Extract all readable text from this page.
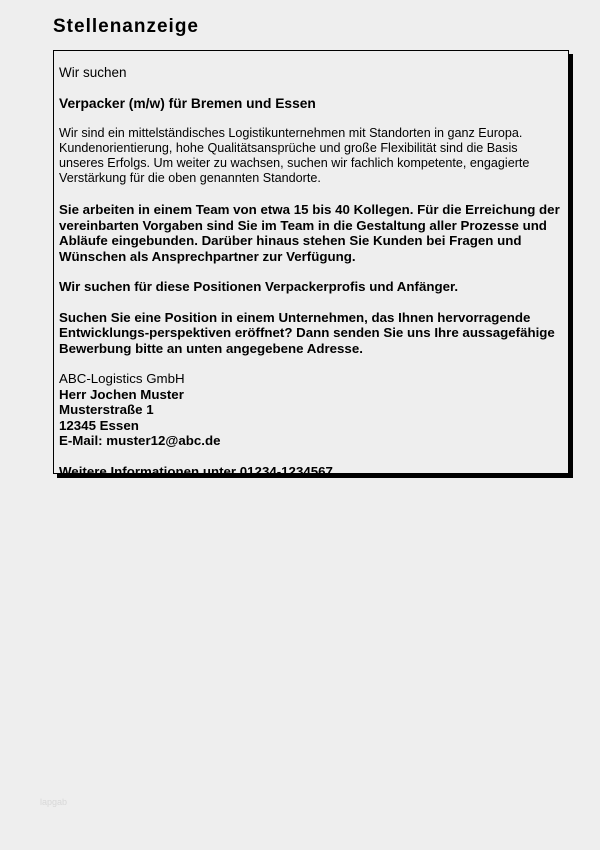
Stellenanzeige

Wir suchen

Verpacker (m/w) für Bremen und Essen

Wir sind ein mittelständisches Logistikunternehmen mit Standorten in ganz Europa. Kundenorientierung, hohe Qualitätsansprüche und große Flexibilität sind die Basis unseres Erfolgs. Um weiter zu wachsen, suchen wir fachlich kompetente, engagierte Verstärkung für die oben genannten Standorte.

Sie arbeiten in einem Team von etwa 15 bis 40 Kollegen. Für die Erreichung der vereinbarten Vorgaben sind Sie im Team in die Gestaltung aller Prozesse und Abläufe eingebunden. Darüber hinaus stehen Sie Kunden bei Fragen und Wünschen als Ansprechpartner zur Verfügung.

Wir suchen für diese Positionen Verpackerprofis und Anfänger.

Suchen Sie eine Position in einem Unternehmen, das Ihnen hervorragende Entwicklungs-perspektiven eröffnet? Dann senden Sie uns Ihre aussagefähige Bewerbung bitte an unten angegebene Adresse.

ABC-Logistics GmbH
Herr Jochen Muster
Musterstraße 1
12345 Essen
E-Mail: muster12@abc.de

Weitere Informationen unter 01234-1234567.

lapgab
